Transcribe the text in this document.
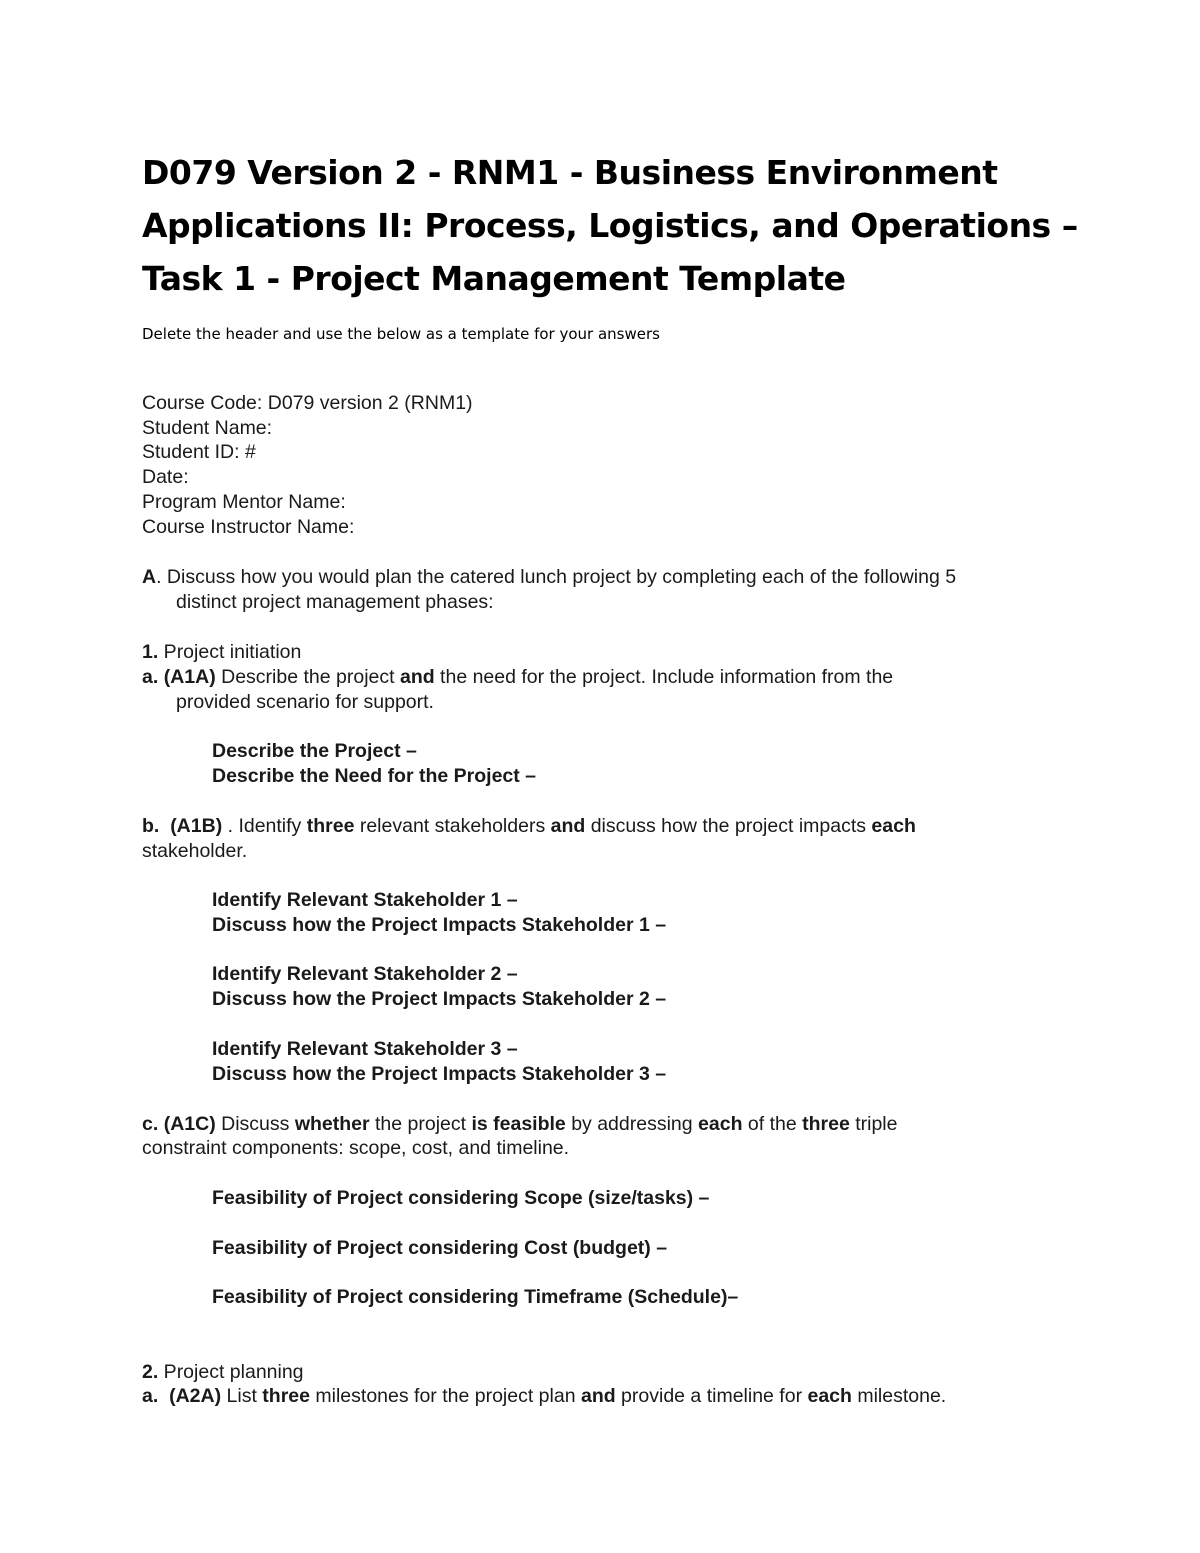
D079 Version 2 - RNM1 - Business Environment
Applications II: Process, Logistics, and Operations –
Task 1 - Project Management Template

Delete the header and use the below as a template for your answers

Course Code: D079 version 2 (RNM1)

Student Name:

Student ID: #

Date:

Program Mentor Name:

Course Instructor Name:

A. Discuss how you would plan the catered lunch project by completing each of the following 5

distinct project management phases:

1. Project initiation

a. (A1A) Describe the project and the need for the project. Include information from the

provided scenario for support.

Describe the Project –

Describe the Need for the Project –

b. (A1B) . Identify three relevant stakeholders and discuss how the project impacts each

stakeholder.

Identify Relevant Stakeholder 1 –

Discuss how the Project Impacts Stakeholder 1 –

Identify Relevant Stakeholder 2 –

Discuss how the Project Impacts Stakeholder 2 –

Identify Relevant Stakeholder 3 –

Discuss how the Project Impacts Stakeholder 3 –

c. (A1C) Discuss whether the project is feasible by addressing each of the three triple

constraint components: scope, cost, and timeline.

Feasibility of Project considering Scope (size/tasks) –

Feasibility of Project considering Cost (budget) –

Feasibility of Project considering Timeframe (Schedule)–

2. Project planning

a. (A2A) List three milestones for the project plan and provide a timeline for each milestone.
